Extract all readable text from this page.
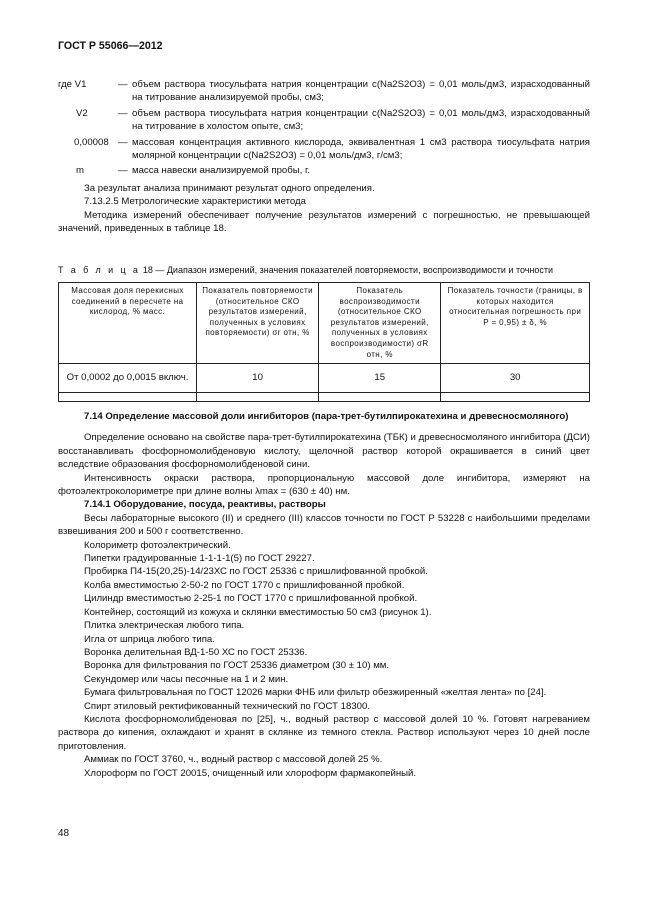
ГОСТ Р 55066—2012
где V1	— объем раствора тиосульфата натрия концентрации c(Na2S2O3) = 0,01 моль/дм3, израсходованный на титрование анализируемой пробы, см3;
V2	— объем раствора тиосульфата натрия концентрации c(Na2S2O3) = 0,01 моль/дм3, израсходованный на титрование в холостом опыте, см3;
0,00008 — массовая концентрация активного кислорода, эквивалентная 1 см3 раствора тиосульфата натрия молярной концентрации c(Na2S2O3) = 0,01 моль/дм3, г/см3;
m	— масса навески анализируемой пробы, г.

За результат анализа принимают результат одного определения.

7.13.2.5 Метрологические характеристики метода

Методика измерений обеспечивает получение результатов измерений с погрешностью, не превышающей значений, приведенных в таблице 18.

Т а б л и ц а 18 — Диапазон измерений, значения показателей повторяемости, воспроизводимости и точности
Массовая доля перекисных соединений в пересчете на кислород, % масс.	Показатель повторяемости (относительное СКО результатов измерений, полученных в условиях повторяемости) σr отн, %	Показатель воспроизводимости (относительное СКО результатов измерений, полученных в условиях воспроизводимости) σR отн, %	Показатель точности (границы, в которых находится относительная погрешность при P = 0,95) ± δ, %
От 0,0002 до 0,0015 включ.	10	15	30

7.14 Определение массовой доли ингибиторов (пара-трет-бутилпирокатехина и древесносмоляного)

Определение основано на свойстве пара-трет-бутилпирокатехина (ТБК) и древесносмоляного ингибитора (ДСИ) восстанавливать фосфорномолибденовую кислоту, щелочной раствор которой окрашивается в синий цвет вследствие образования фосфорномолибденовой сини.

Интенсивность окраски раствора, пропорциональную массовой доле ингибитора, измеряют на фотоэлектроколориметре при длине волны λmax = (630 ± 40) нм.

7.14.1 Оборудование, посуда, реактивы, растворы

Весы лабораторные высокого (II) и среднего (III) классов точности по ГОСТ Р 53228 с наибольшими пределами взвешивания 200 и 500 г соответственно.

Колориметр фотоэлектрический.

Пипетки градуированные 1-1-1-1(5) по ГОСТ 29227.

Пробирка П4-15(20,25)-14/23ХС по ГОСТ 25336 с пришлифованной пробкой.

Колба вместимостью 2-50-2 по ГОСТ 1770 с пришлифованной пробкой.

Цилиндр вместимостью 2-25-1 по ГОСТ 1770 с пришлифованной пробкой.

Контейнер, состоящий из кожуха и склянки вместимостью 50 см3 (рисунок 1).

Плитка электрическая любого типа.

Игла от шприца любого типа.

Воронка делительная ВД-1-50 ХС по ГОСТ 25336.

Воронка для фильтрования по ГОСТ 25336 диаметром (30 ± 10) мм.

Секундомер или часы песочные на 1 и 2 мин.

Бумага фильтровальная по ГОСТ 12026 марки ФНБ или фильтр обезжиренный «желтая лента» по [24].

Спирт этиловый ректификованный технический по ГОСТ 18300.

Кислота фосфорномолибденовая по [25], ч., водный раствор с массовой долей 10 %. Готовят нагреванием раствора до кипения, охлаждают и хранят в склянке из темного стекла. Раствор используют через 10 дней после приготовления.

Аммиак по ГОСТ 3760, ч., водный раствор с массовой долей 25 %.

Хлороформ по ГОСТ 20015, очищенный или хлороформ фармакопейный.

48
